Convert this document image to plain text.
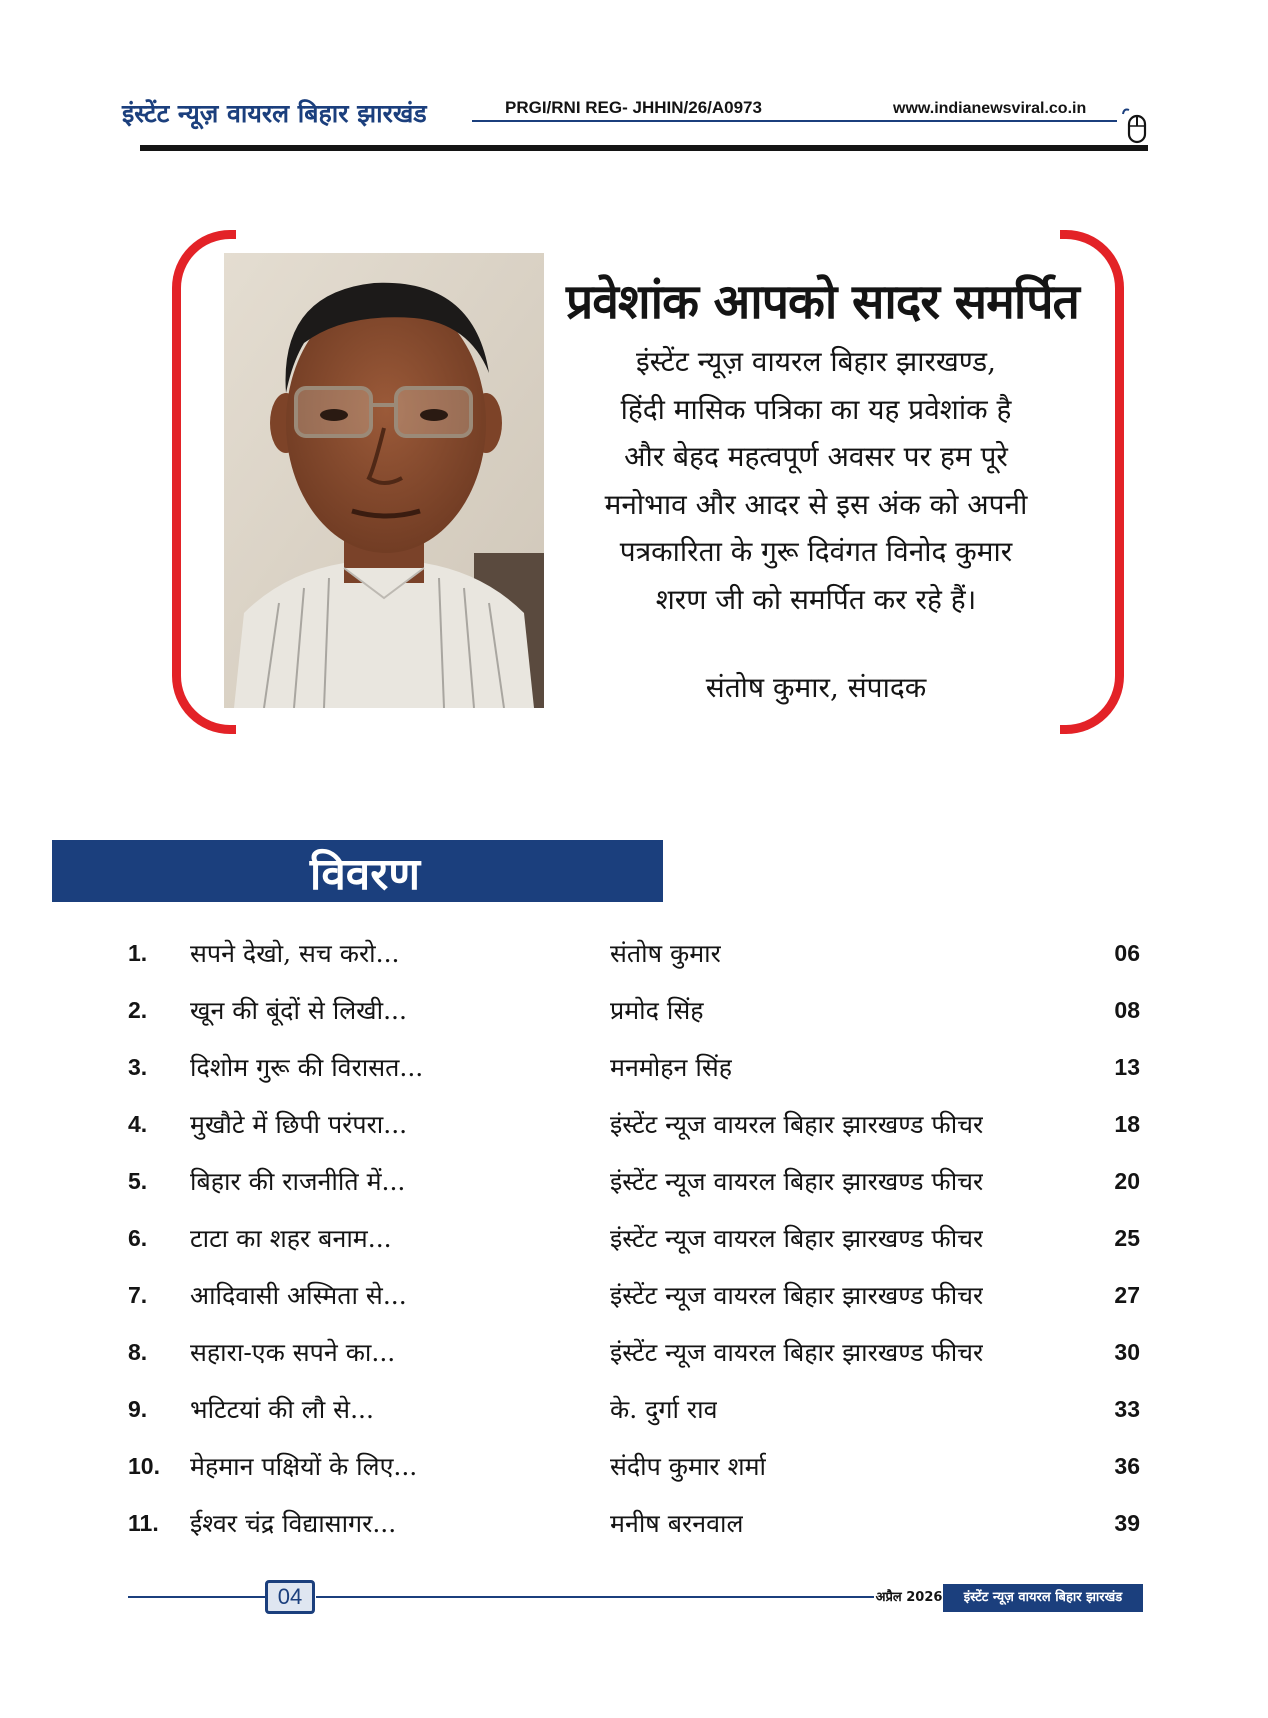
इंस्टेंट न्यूज़ वायरल बिहार झारखंड	PRGI/RNI REG- JHHIN/26/A0973	www.indianewsviral.co.in
प्रवेशांक आपको सादर समर्पित
इंस्टेंट न्यूज़ वायरल बिहार झारखण्ड,
हिंदी मासिक पत्रिका का यह प्रवेशांक है
और बेहद महत्वपूर्ण अवसर पर हम पूरे
मनोभाव और आदर से इस अंक को अपनी
पत्रकारिता के गुरू दिवंगत विनोद कुमार
शरण जी को समर्पित कर रहे हैं।
संतोष कुमार, संपादक
विवरण
1. सपने देखो, सच करो...	संतोष कुमार	06
2. खून की बूंदों से लिखी...	प्रमोद सिंह	08
3. दिशोम गुरू की विरासत...	मनमोहन सिंह	13
4. मुखौटे में छिपी परंपरा...	इंस्टेंट न्यूज वायरल बिहार झारखण्ड फीचर	18
5. बिहार की राजनीति में...	इंस्टेंट न्यूज वायरल बिहार झारखण्ड फीचर	20
6. टाटा का शहर बनाम...	इंस्टेंट न्यूज वायरल बिहार झारखण्ड फीचर	25
7. आदिवासी अस्मिता से...	इंस्टेंट न्यूज वायरल बिहार झारखण्ड फीचर	27
8. सहारा-एक सपने का...	इंस्टेंट न्यूज वायरल बिहार झारखण्ड फीचर	30
9. भटिटयां की लौ से...	के. दुर्गा राव	33
10. मेहमान पक्षियों के लिए...	संदीप कुमार शर्मा	36
11. ईश्वर चंद्र विद्यासागर...	मनीष बरनवाल	39
04	अप्रैल 2026	इंस्टेंट न्यूज़ वायरल बिहार झारखंड
